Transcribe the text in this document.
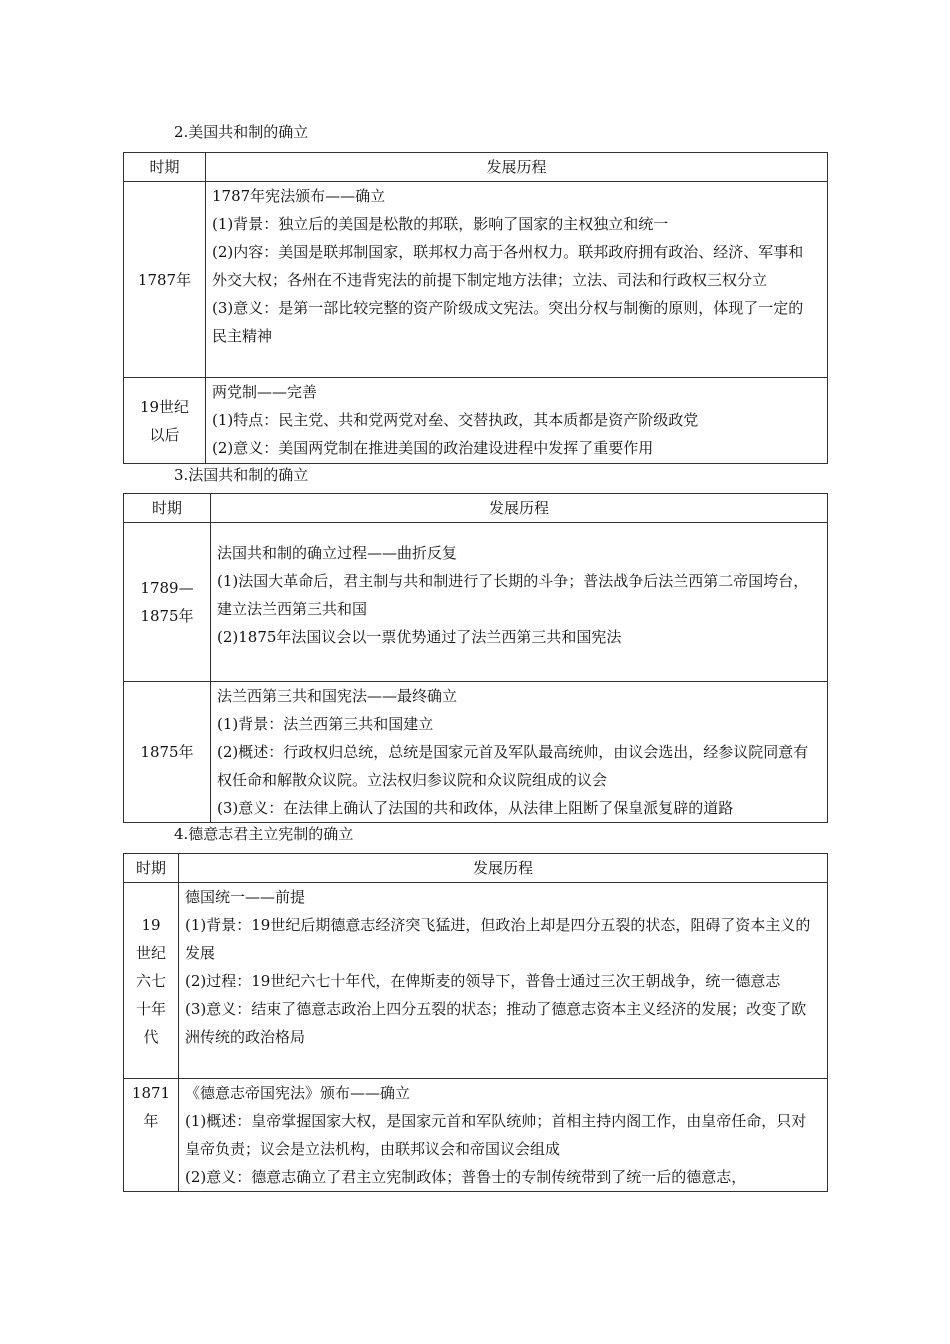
2.美国共和制的确立
时期	发展历程
1787年	1787年宪法颁布——确立
(1)背景：独立后的美国是松散的邦联，影响了国家的主权独立和统一
(2)内容：美国是联邦制国家，联邦权力高于各州权力。联邦政府拥有政治、经济、军事和外交大权；各州在不违背宪法的前提下制定地方法律；立法、司法和行政权三权分立
(3)意义：是第一部比较完整的资产阶级成文宪法。突出分权与制衡的原则，体现了一定的民主精神

19世纪
以后	两党制——完善
(1)特点：民主党、共和党两党对垒、交替执政，其本质都是资产阶级政党
(2)意义：美国两党制在推进美国的政治建设进程中发挥了重要作用
3.法国共和制的确立
时期	发展历程

1789—
1875年	法国共和制的确立过程——曲折反复
(1)法国大革命后，君主制与共和制进行了长期的斗争；普法战争后法兰西第二帝国垮台，建立法兰西第三共和国
(2)1875年法国议会以一票优势通过了法兰西第三共和国宪法

1875年	法兰西第三共和国宪法——最终确立
(1)背景：法兰西第三共和国建立
(2)概述：行政权归总统，总统是国家元首及军队最高统帅，由议会选出，经参议院同意有权任命和解散众议院。立法权归参议院和众议院组成的议会
(3)意义：在法律上确认了法国的共和政体，从法律上阻断了保皇派复辟的道路
4.德意志君主立宪制的确立
时期	发展历程

19
世纪
六七
十年
代	德国统一——前提
(1)背景：19世纪后期德意志经济突飞猛进，但政治上却是四分五裂的状态，阻碍了资本主义的发展
(2)过程：19世纪六七十年代，在俾斯麦的领导下，普鲁士通过三次王朝战争，统一德意志
(3)意义：结束了德意志政治上四分五裂的状态；推动了德意志资本主义经济的发展；改变了欧洲传统的政治格局

1871
年	《德意志帝国宪法》颁布——确立
(1)概述：皇帝掌握国家大权，是国家元首和军队统帅；首相主持内阁工作，由皇帝任命，只对皇帝负责；议会是立法机构，由联邦议会和帝国议会组成
(2)意义：德意志确立了君主立宪制政体；普鲁士的专制传统带到了统一后的德意志，
